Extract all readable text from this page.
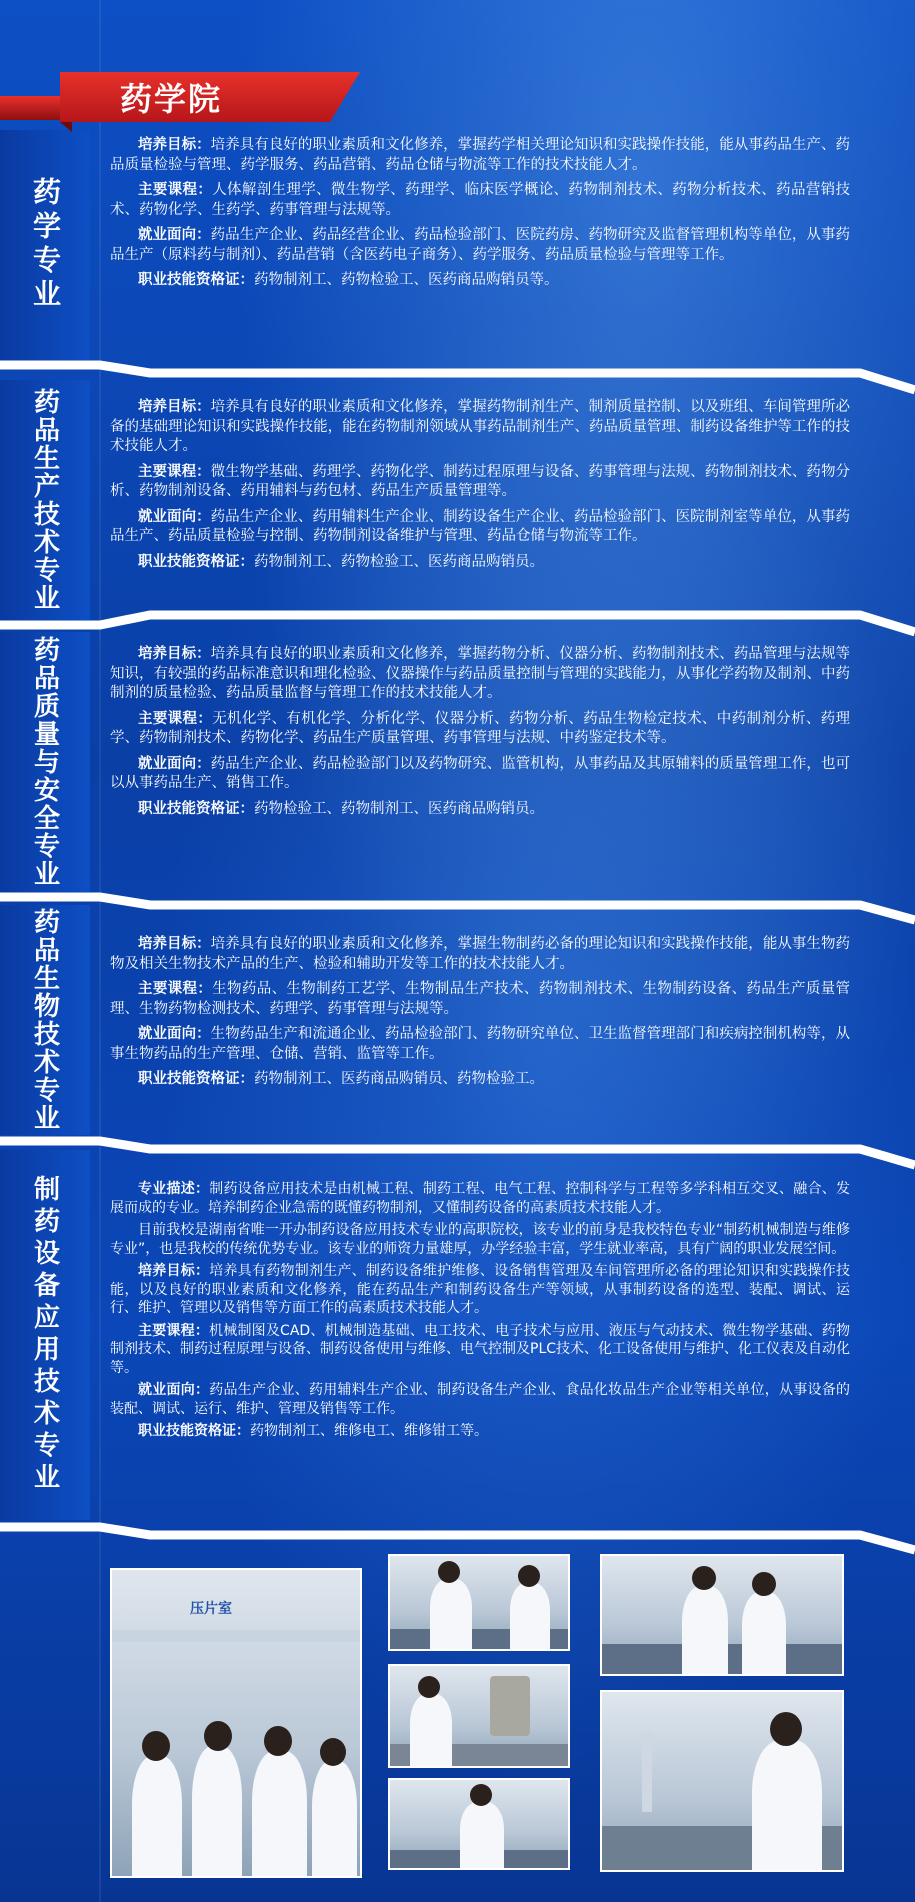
药学专业
药品生产技术专业
药品质量与安全专业
药品生物技术专业
制药设备应用技术专业
药学院

培养目标：培养具有良好的职业素质和文化修养，掌握药学相关理论知识和实践操作技能，能从事药品生产、药品质量检验与管理、药学服务、药品营销、药品仓储与物流等工作的技术技能人才。

主要课程：人体解剖生理学、微生物学、药理学、临床医学概论、药物制剂技术、药物分析技术、药品营销技术、药物化学、生药学、药事管理与法规等。

就业面向：药品生产企业、药品经营企业、药品检验部门、医院药房、药物研究及监督管理机构等单位，从事药品生产（原料药与制剂）、药品营销（含医药电子商务）、药学服务、药品质量检验与管理等工作。

职业技能资格证：药物制剂工、药物检验工、医药商品购销员等。

培养目标：培养具有良好的职业素质和文化修养，掌握药物制剂生产、制剂质量控制、以及班组、车间管理所必备的基础理论知识和实践操作技能，能在药物制剂领域从事药品制剂生产、药品质量管理、制药设备维护等工作的技术技能人才。

主要课程：微生物学基础、药理学、药物化学、制药过程原理与设备、药事管理与法规、药物制剂技术、药物分析、药物制剂设备、药用辅料与药包材、药品生产质量管理等。

就业面向：药品生产企业、药用辅料生产企业、制药设备生产企业、药品检验部门、医院制剂室等单位，从事药品生产、药品质量检验与控制、药物制剂设备维护与管理、药品仓储与物流等工作。

职业技能资格证：药物制剂工、药物检验工、医药商品购销员。

培养目标：培养具有良好的职业素质和文化修养，掌握药物分析、仪器分析、药物制剂技术、药品管理与法规等知识，有较强的药品标准意识和理化检验、仪器操作与药品质量控制与管理的实践能力，从事化学药物及制剂、中药制剂的质量检验、药品质量监督与管理工作的技术技能人才。

主要课程：无机化学、有机化学、分析化学、仪器分析、药物分析、药品生物检定技术、中药制剂分析、药理学、药物制剂技术、药物化学、药品生产质量管理、药事管理与法规、中药鉴定技术等。

就业面向：药品生产企业、药品检验部门以及药物研究、监管机构，从事药品及其原辅料的质量管理工作，也可以从事药品生产、销售工作。

职业技能资格证：药物检验工、药物制剂工、医药商品购销员。

培养目标：培养具有良好的职业素质和文化修养，掌握生物制药必备的理论知识和实践操作技能，能从事生物药物及相关生物技术产品的生产、检验和辅助开发等工作的技术技能人才。

主要课程：生物药品、生物制药工艺学、生物制品生产技术、药物制剂技术、生物制药设备、药品生产质量管理、生物药物检测技术、药理学、药事管理与法规等。

就业面向：生物药品生产和流通企业、药品检验部门、药物研究单位、卫生监督管理部门和疾病控制机构等，从事生物药品的生产管理、仓储、营销、监管等工作。

职业技能资格证：药物制剂工、医药商品购销员、药物检验工。

专业描述：制药设备应用技术是由机械工程、制药工程、电气工程、控制科学与工程等多学科相互交叉、融合、发展而成的专业。培养制药企业急需的既懂药物制剂，又懂制药设备的高素质技术技能人才。

目前我校是湖南省唯一开办制药设备应用技术专业的高职院校，该专业的前身是我校特色专业“制药机械制造与维修专业”，也是我校的传统优势专业。该专业的师资力量雄厚，办学经验丰富，学生就业率高，具有广阔的职业发展空间。

培养目标：培养具有药物制剂生产、制药设备维护维修、设备销售管理及车间管理所必备的理论知识和实践操作技能，以及良好的职业素质和文化修养，能在药品生产和制药设备生产等领域，从事制药设备的选型、装配、调试、运行、维护、管理以及销售等方面工作的高素质技术技能人才。

主要课程：机械制图及CAD、机械制造基础、电工技术、电子技术与应用、液压与气动技术、微生物学基础、药物制剂技术、制药过程原理与设备、制药设备使用与维修、电气控制及PLC技术、化工设备使用与维护、化工仪表及自动化等。

就业面向：药品生产企业、药用辅料生产企业、制药设备生产企业、食品化妆品生产企业等相关单位，从事设备的装配、调试、运行、维护、管理及销售等工作。

职业技能资格证：药物制剂工、维修电工、维修钳工等。

压片室
